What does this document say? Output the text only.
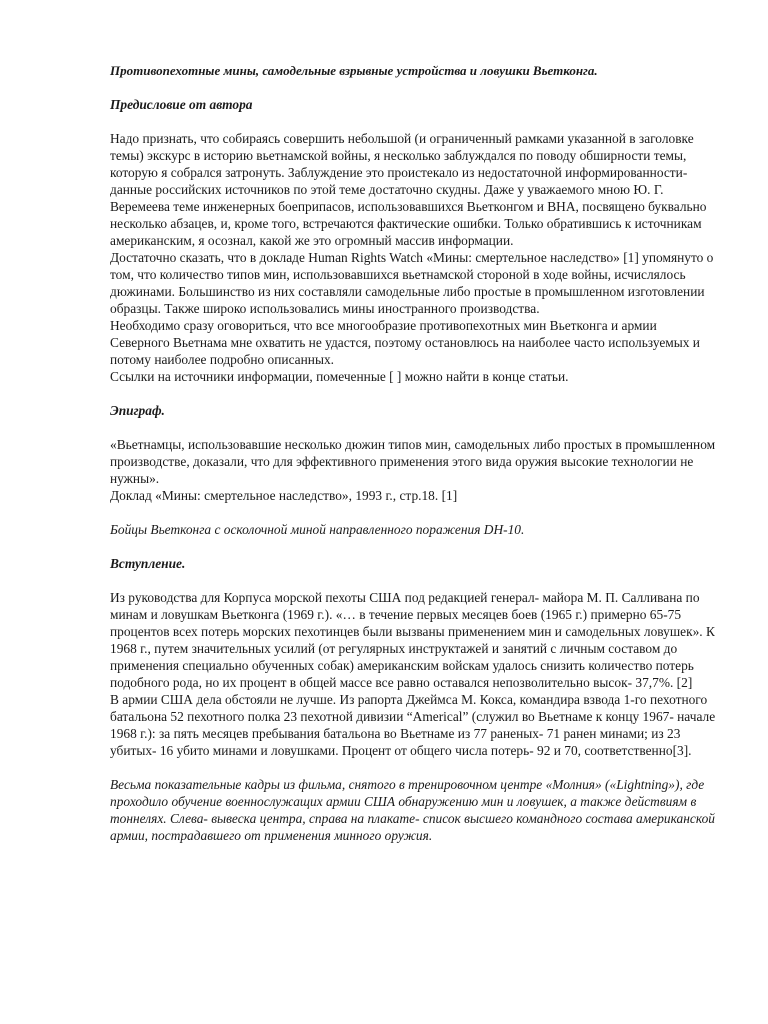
Противопехотные мины, самодельные взрывные устройства и ловушки Вьетконга.

Предисловие от автора

Надо признать, что собираясь совершить небольшой (и ограниченный рамками указанной в заголовке темы) экскурс в историю вьетнамской войны, я несколько заблуждался по поводу обширности темы, которую я собрался затронуть. Заблуждение это проистекало из недостаточной информированности- данные российских источников по этой теме достаточно скудны. Даже у уважаемого мною Ю. Г. Веремеева теме инженерных боеприпасов, использовавшихся Вьетконгом и ВНА, посвящено буквально несколько абзацев, и, кроме того, встречаются фактические ошибки. Только обратившись к источникам американским, я осознал, какой же это огромный массив информации.

Достаточно сказать, что в докладе Human Rights Watch «Мины: смертельное наследство» [1] упомянуто о том, что количество типов мин, использовавшихся вьетнамской стороной в ходе войны, исчислялось дюжинами. Большинство из них составляли самодельные либо простые в промышленном изготовлении образцы. Также широко использовались мины иностранного производства.

Необходимо сразу оговориться, что все многообразие противопехотных мин Вьетконга и армии Северного Вьетнама мне охватить не удастся, поэтому остановлюсь на наиболее часто используемых и потому наиболее подробно описанных.

Ссылки на источники информации, помеченные [ ] можно найти в конце статьи.

Эпиграф.

«Вьетнамцы, использовавшие несколько дюжин типов мин, самодельных либо простых в промышленном производстве, доказали, что для эффективного применения этого вида оружия высокие технологии не нужны».

Доклад «Мины: смертельное наследство», 1993 г., стр.18. [1]

Бойцы Вьетконга с осколочной миной направленного поражения DH-10.

Вступление.

Из руководства для Корпуса морской пехоты США под редакцией генерал- майора М. П. Салливана по минам и ловушкам Вьетконга (1969 г.). «… в течение первых месяцев боев (1965 г.) примерно 65-75 процентов всех потерь морских пехотинцев были вызваны применением мин и самодельных ловушек». К 1968 г., путем значительных усилий (от регулярных инструктажей и занятий с личным составом до применения специально обученных собак) американским войскам удалось снизить количество потерь подобного рода, но их процент в общей массе все равно оставался непозволительно высок- 37,7%. [2]

В армии США дела обстояли не лучше. Из рапорта Джеймса М. Кокса, командира взвода 1-го пехотного батальона 52 пехотного полка 23 пехотной дивизии “Americal” (служил во Вьетнаме к концу 1967- начале 1968 г.): за пять месяцев пребывания батальона во Вьетнаме из 77 раненых- 71 ранен минами; из 23 убитых- 16 убито минами и ловушками. Процент от общего числа потерь- 92 и 70, соответственно[3].

Весьма показательные кадры из фильма, снятого в тренировочном центре «Молния» («Lightning»), где проходило обучение военнослужащих армии США обнаружению мин и ловушек, а также действиям в тоннелях. Слева- вывеска центра, справа на плакате- список высшего командного состава американской армии, пострадавшего от применения минного оружия.
